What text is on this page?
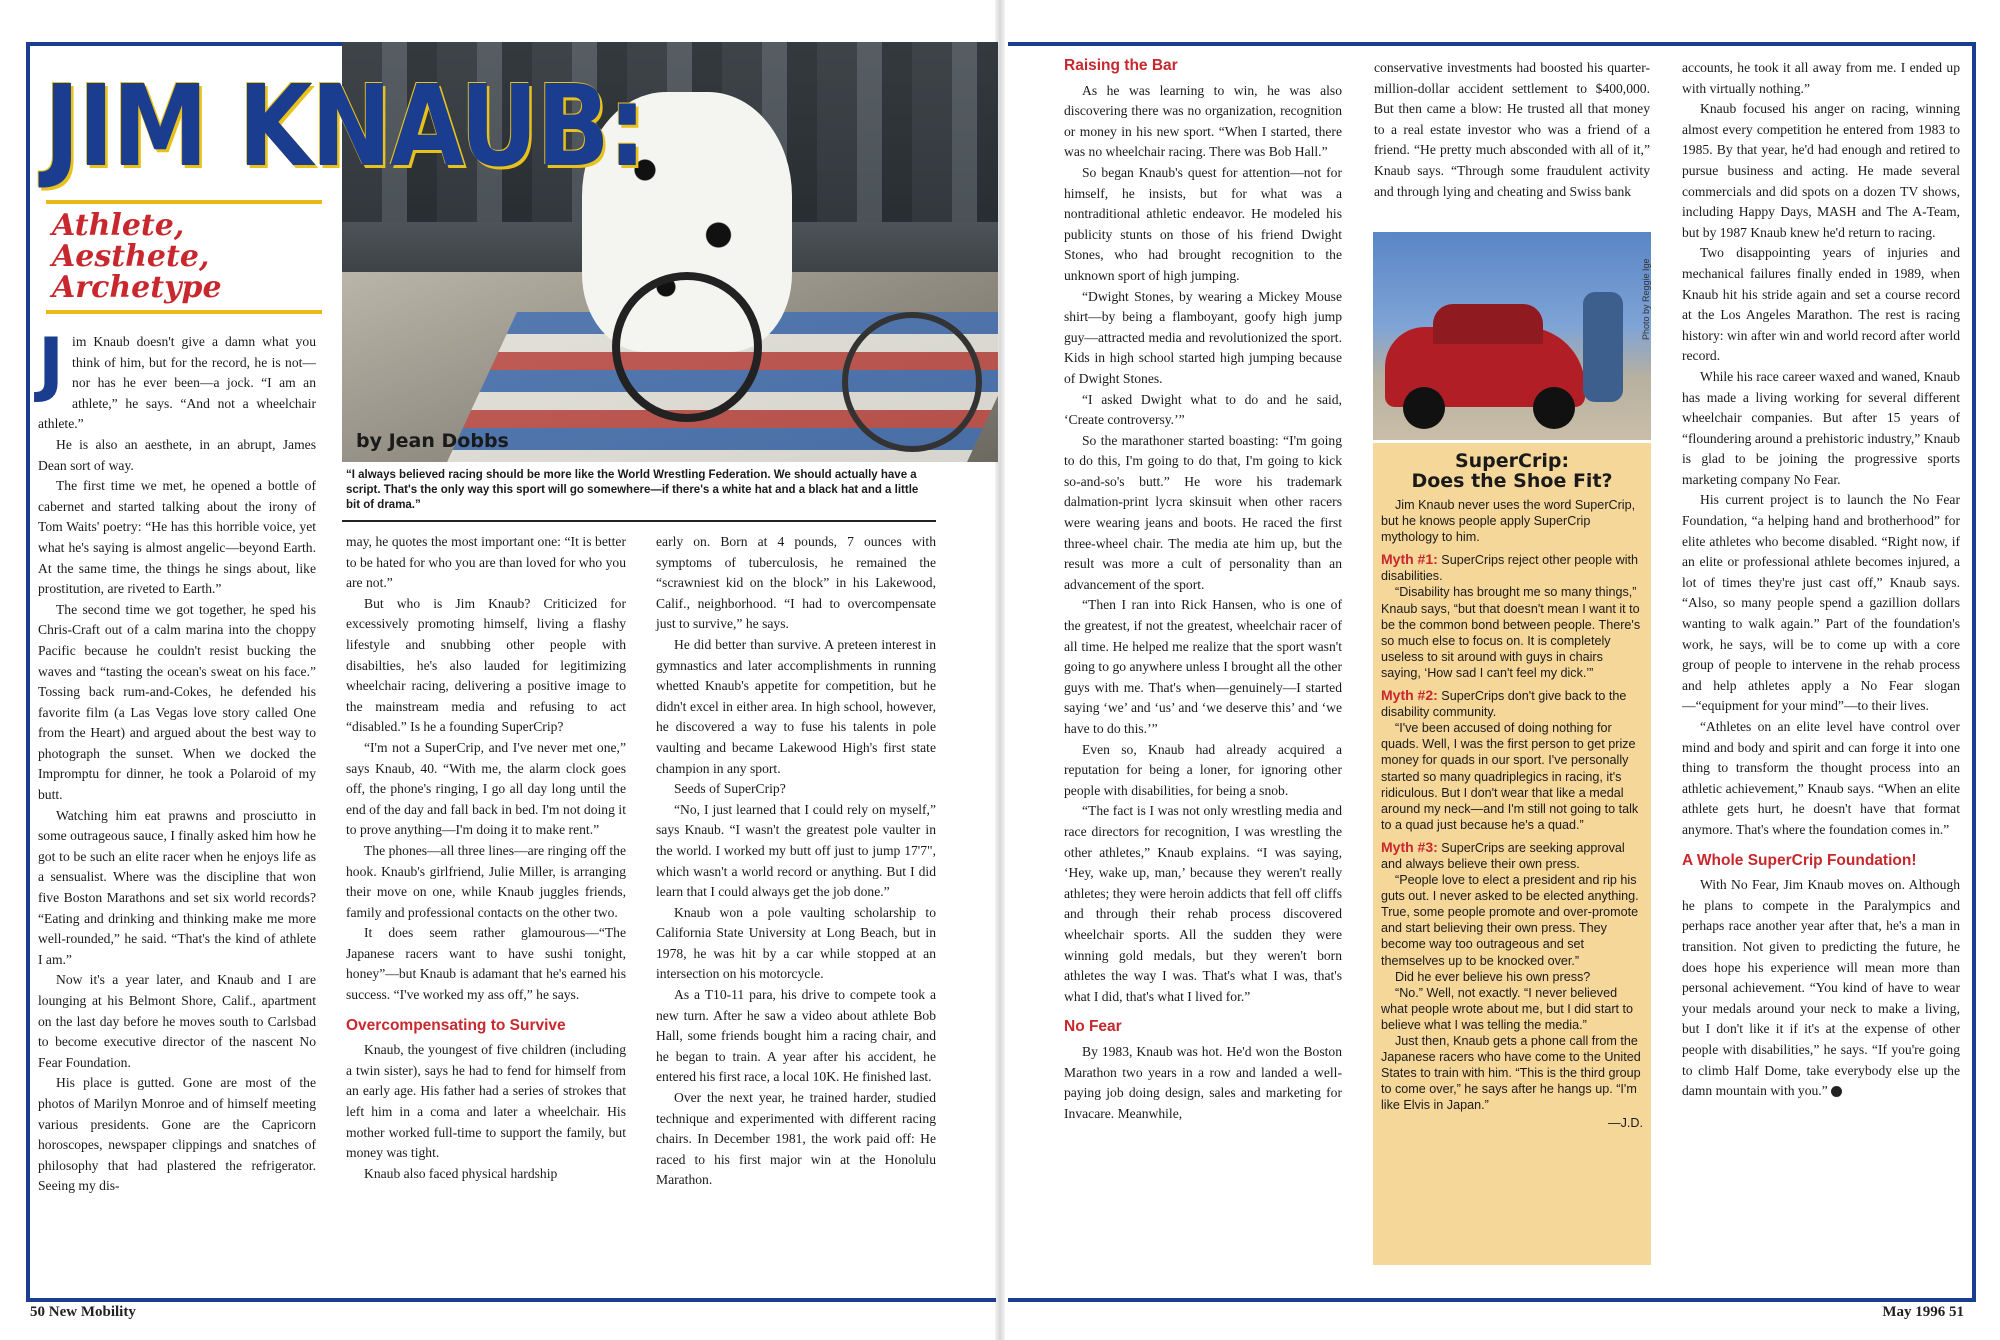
JIM KNAUB:
Athlete,
Aesthete,
Archetype
by Jean Dobbs
“I always believed racing should be more like the World Wrestling Federation. We should actually have a script. That's the only way this sport will go somewhere—if there's a white hat and a black hat and a little bit of drama.”

Jim Knaub doesn't give a damn what you think of him, but for the record, he is not—nor has he ever been—a jock. “I am an athlete,” he says. “And not a wheelchair athlete.”

He is also an aesthete, in an abrupt, James Dean sort of way.

The first time we met, he opened a bottle of cabernet and started talking about the irony of Tom Waits' poetry: “He has this horrible voice, yet what he's saying is almost angelic—beyond Earth. At the same time, the things he sings about, like prostitution, are riveted to Earth.”

The second time we got together, he sped his Chris-Craft out of a calm marina into the choppy Pacific because he couldn't resist bucking the waves and “tasting the ocean's sweat on his face.” Tossing back rum-and-Cokes, he defended his favorite film (a Las Vegas love story called One from the Heart) and argued about the best way to photograph the sunset. When we docked the Impromptu for dinner, he took a Polaroid of my butt.

Watching him eat prawns and prosciutto in some outrageous sauce, I finally asked him how he got to be such an elite racer when he enjoys life as a sensualist. Where was the discipline that won five Boston Marathons and set six world records? “Eating and drinking and thinking make me more well-rounded,” he said. “That's the kind of athlete I am.”

Now it's a year later, and Knaub and I are lounging at his Belmont Shore, Calif., apartment on the last day before he moves south to Carlsbad to become executive director of the nascent No Fear Foundation.

His place is gutted. Gone are most of the photos of Marilyn Monroe and of himself meeting various presidents. Gone are the Capricorn horoscopes, newspaper clippings and snatches of philosophy that had plastered the refrigerator. Seeing my dis-

may, he quotes the most important one: “It is better to be hated for who you are than loved for who you are not.”

But who is Jim Knaub? Criticized for excessively promoting himself, living a flashy lifestyle and snubbing other people with disabilties, he's also lauded for legitimizing wheelchair racing, delivering a positive image to the mainstream media and refusing to act “disabled.” Is he a founding SuperCrip?

“I'm not a SuperCrip, and I've never met one,” says Knaub, 40. “With me, the alarm clock goes off, the phone's ringing, I go all day long until the end of the day and fall back in bed. I'm not doing it to prove anything—I'm doing it to make rent.”

The phones—all three lines—are ringing off the hook. Knaub's girlfriend, Julie Miller, is arranging their move on one, while Knaub juggles friends, family and professional contacts on the other two.

It does seem rather glamourous—“The Japanese racers want to have sushi tonight, honey”—but Knaub is adamant that he's earned his success. “I've worked my ass off,” he says.

Overcompensating to Survive

Knaub, the youngest of five children (including a twin sister), says he had to fend for himself from an early age. His father had a series of strokes that left him in a coma and later a wheelchair. His mother worked full-time to support the family, but money was tight.

Knaub also faced physical hardship

early on. Born at 4 pounds, 7 ounces with symptoms of tuberculosis, he remained the “scrawniest kid on the block” in his Lakewood, Calif., neighborhood. “I had to overcompensate just to survive,” he says.

He did better than survive. A preteen interest in gymnastics and later accomplishments in running whetted Knaub's appetite for competition, but he didn't excel in either area. In high school, however, he discovered a way to fuse his talents in pole vaulting and became Lakewood High's first state champion in any sport.

Seeds of SuperCrip?

“No, I just learned that I could rely on myself,” says Knaub. “I wasn't the greatest pole vaulter in the world. I worked my butt off just to jump 17'7", which wasn't a world record or anything. But I did learn that I could always get the job done.”

Knaub won a pole vaulting scholarship to California State University at Long Beach, but in 1978, he was hit by a car while stopped at an intersection on his motorcycle.

As a T10-11 para, his drive to compete took a new turn. After he saw a video about athlete Bob Hall, some friends bought him a racing chair, and he began to train. A year after his accident, he entered his first race, a local 10K. He finished last.

Over the next year, he trained harder, studied technique and experimented with different racing chairs. In December 1981, the work paid off: He raced to his first major win at the Honolulu Marathon.

Raising the Bar

As he was learning to win, he was also discovering there was no organization, recognition or money in his new sport. “When I started, there was no wheelchair racing. There was Bob Hall.”

So began Knaub's quest for attention—not for himself, he insists, but for what was a nontraditional athletic endeavor. He modeled his publicity stunts on those of his friend Dwight Stones, who had brought recognition to the unknown sport of high jumping.

“Dwight Stones, by wearing a Mickey Mouse shirt—by being a flamboyant, goofy high jump guy—attracted media and revolutionized the sport. Kids in high school started high jumping because of Dwight Stones.

“I asked Dwight what to do and he said, ‘Create controversy.’”

So the marathoner started boasting: “I'm going to do this, I'm going to do that, I'm going to kick so-and-so's butt.” He wore his trademark dalmation-print lycra skinsuit when other racers were wearing jeans and boots. He raced the first three-wheel chair. The media ate him up, but the result was more a cult of personality than an advancement of the sport.

“Then I ran into Rick Hansen, who is one of the greatest, if not the greatest, wheelchair racer of all time. He helped me realize that the sport wasn't going to go anywhere unless I brought all the other guys with me. That's when—genuinely—I started saying ‘we’ and ‘us’ and ‘we deserve this’ and ‘we have to do this.’”

Even so, Knaub had already acquired a reputation for being a loner, for ignoring other people with disabilities, for being a snob.

“The fact is I was not only wrestling media and race directors for recognition, I was wrestling the other athletes,” Knaub explains. “I was saying, ‘Hey, wake up, man,’ because they weren't really athletes; they were heroin addicts that fell off cliffs and through their rehab process discovered wheelchair sports. All the sudden they were winning gold medals, but they weren't born athletes the way I was. That's what I was, that's what I did, that's what I lived for.”

No Fear

By 1983, Knaub was hot. He'd won the Boston Marathon two years in a row and landed a well-paying job doing design, sales and marketing for Invacare. Meanwhile,

conservative investments had boosted his quarter-million-dollar accident settlement to $400,000. But then came a blow: He trusted all that money to a real estate investor who was a friend of a friend. “He pretty much absconded with all of it,” Knaub says. “Through some fraudulent activity and through lying and cheating and Swiss bank

Photo by Reggie Ige
SuperCrip:
Does the Shoe Fit?

Jim Knaub never uses the word SuperCrip, but he knows people apply SuperCrip mythology to him.

Myth #1: SuperCrips reject other people with disabilities.

“Disability has brought me so many things,” Knaub says, “but that doesn't mean I want it to be the common bond between people. There's so much else to focus on. It is completely useless to sit around with guys in chairs saying, ‘How sad I can't feel my dick.’”

Myth #2: SuperCrips don't give back to the disability community.

“I've been accused of doing nothing for quads. Well, I was the first person to get prize money for quads in our sport. I've personally started so many quadriplegics in racing, it's ridiculous. But I don't wear that like a medal around my neck—and I'm still not going to talk to a quad just because he's a quad.”

Myth #3: SuperCrips are seeking approval and always believe their own press.

“People love to elect a president and rip his guts out. I never asked to be elected anything. True, some people promote and over-promote and start believing their own press. They become way too outrageous and set themselves up to be knocked over.”

Did he ever believe his own press?

“No.” Well, not exactly. “I never believed what people wrote about me, but I did start to believe what I was telling the media.”

Just then, Knaub gets a phone call from the Japanese racers who have come to the United States to train with him. “This is the third group to come over,” he says after he hangs up. “I'm like Elvis in Japan.”

—J.D.

accounts, he took it all away from me. I ended up with virtually nothing.”

Knaub focused his anger on racing, winning almost every competition he entered from 1983 to 1985. By that year, he'd had enough and retired to pursue business and acting. He made several commercials and did spots on a dozen TV shows, including Happy Days, MASH and The A-Team, but by 1987 Knaub knew he'd return to racing.

Two disappointing years of injuries and mechanical failures finally ended in 1989, when Knaub hit his stride again and set a course record at the Los Angeles Marathon. The rest is racing history: win after win and world record after world record.

While his race career waxed and waned, Knaub has made a living working for several different wheelchair companies. But after 15 years of “floundering around a prehistoric industry,” Knaub is glad to be joining the progressive sports marketing company No Fear.

His current project is to launch the No Fear Foundation, “a helping hand and brotherhood” for elite athletes who become disabled. “Right now, if an elite or professional athlete becomes injured, a lot of times they're just cast off,” Knaub says. “Also, so many people spend a gazillion dollars wanting to walk again.” Part of the foundation's work, he says, will be to come up with a core group of people to intervene in the rehab process and help athletes apply a No Fear slogan—“equipment for your mind”—to their lives.

“Athletes on an elite level have control over mind and body and spirit and can forge it into one thing to transform the thought process into an athletic achievement,” Knaub says. “When an elite athlete gets hurt, he doesn't have that format anymore. That's where the foundation comes in.”

A Whole SuperCrip Foundation!

With No Fear, Jim Knaub moves on. Although he plans to compete in the Paralympics and perhaps race another year after that, he's a man in transition. Not given to predicting the future, he does hope his experience will mean more than personal achievement. “You kind of have to wear your medals around your neck to make a living, but I don't like it if it's at the expense of other people with disabilities,” he says. “If you're going to climb Half Dome, take everybody else up the damn mountain with you.”

50 New Mobility	May 1996 51
